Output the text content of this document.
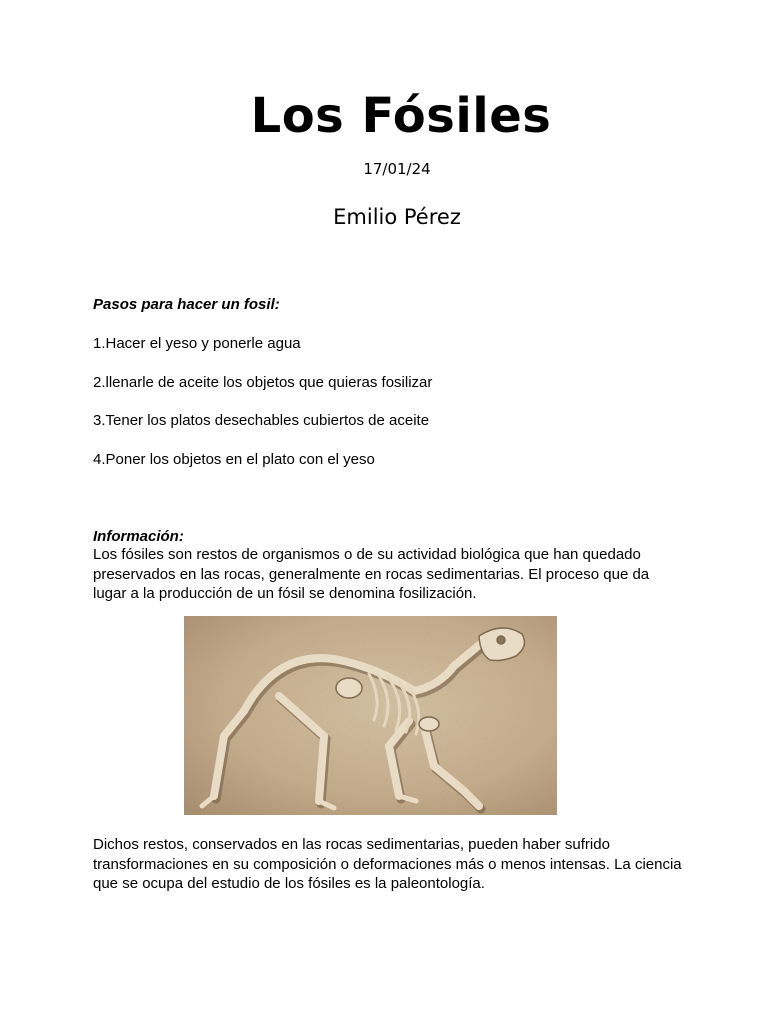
Los Fósiles
17/01/24
Emilio Pérez
Pasos para hacer un fosil:
1.Hacer el yeso y ponerle agua
2.llenarle de aceite los objetos que quieras fosilizar
3.Tener los platos desechables cubiertos de aceite
4.Poner los objetos en el plato con el yeso
Información:
Los fósiles son restos de organismos o de su actividad biológica que han quedado preservados en las rocas, generalmente en rocas sedimentarias. El proceso que da lugar a la producción de un fósil se denomina fosilización.
Dichos restos, conservados en las rocas sedimentarias, pueden haber sufrido transformaciones en su composición o deformaciones más o menos intensas. La ciencia que se ocupa del estudio de los fósiles es la paleontología.
